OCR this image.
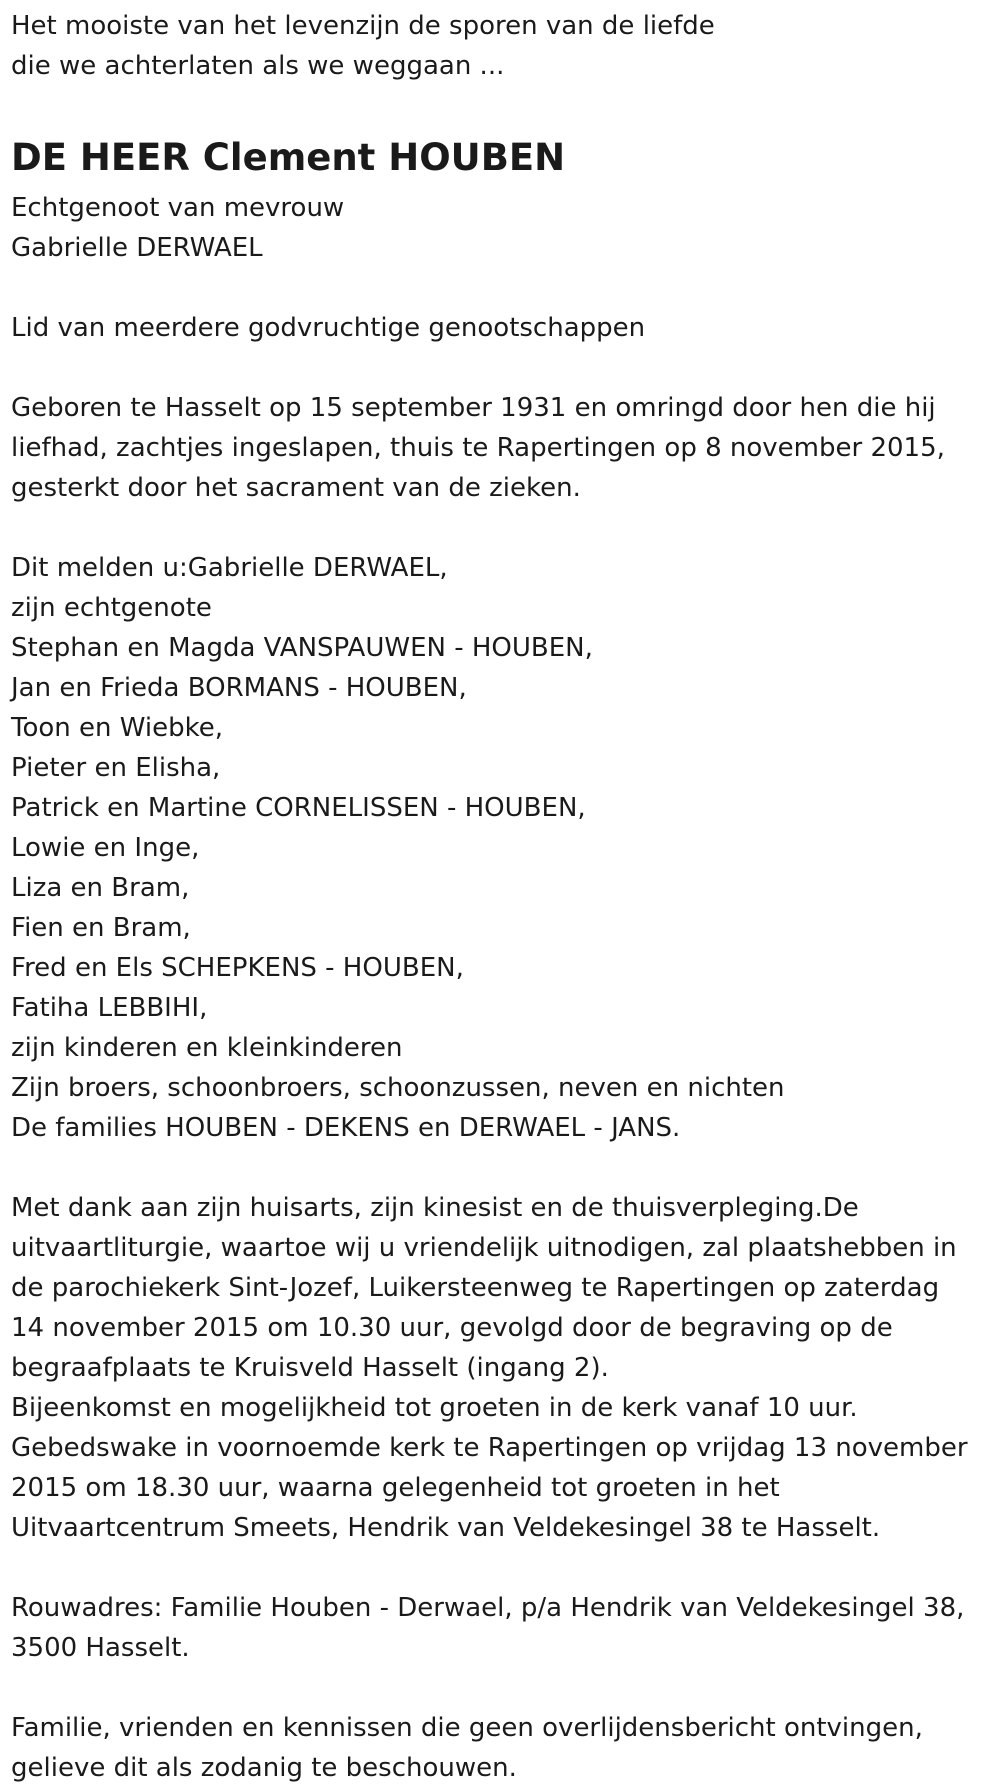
Het mooiste van het levenzijn de sporen van de liefde
die we achterlaten als we weggaan ...
DE HEER Clement HOUBEN
Echtgenoot van mevrouw
Gabrielle DERWAEL
Lid van meerdere godvruchtige genootschappen
Geboren te Hasselt op 15 september 1931 en omringd door hen die hij
liefhad, zachtjes ingeslapen, thuis te Rapertingen op 8 november 2015,
gesterkt door het sacrament van de zieken.
Dit melden u:Gabrielle DERWAEL,
zijn echtgenote
Stephan en Magda VANSPAUWEN - HOUBEN,
Jan en Frieda BORMANS - HOUBEN,
Toon en Wiebke,
Pieter en Elisha,
Patrick en Martine CORNELISSEN - HOUBEN,
Lowie en Inge,
Liza en Bram,
Fien en Bram,
Fred en Els SCHEPKENS - HOUBEN,
Fatiha LEBBIHI,
zijn kinderen en kleinkinderen
Zijn broers, schoonbroers, schoonzussen, neven en nichten
De families HOUBEN - DEKENS en DERWAEL - JANS.
Met dank aan zijn huisarts, zijn kinesist en de thuisverpleging.De
uitvaartliturgie, waartoe wij u vriendelijk uitnodigen, zal plaatshebben in
de parochiekerk Sint-Jozef, Luikersteenweg te Rapertingen op zaterdag
14 november 2015 om 10.30 uur, gevolgd door de begraving op de
begraafplaats te Kruisveld Hasselt (ingang 2).
Bijeenkomst en mogelijkheid tot groeten in de kerk vanaf 10 uur.
Gebedswake in voornoemde kerk te Rapertingen op vrijdag 13 november
2015 om 18.30 uur, waarna gelegenheid tot groeten in het
Uitvaartcentrum Smeets, Hendrik van Veldekesingel 38 te Hasselt.
Rouwadres: Familie Houben - Derwael, p/a Hendrik van Veldekesingel 38,
3500 Hasselt.
Familie, vrienden en kennissen die geen overlijdensbericht ontvingen,
gelieve dit als zodanig te beschouwen.
